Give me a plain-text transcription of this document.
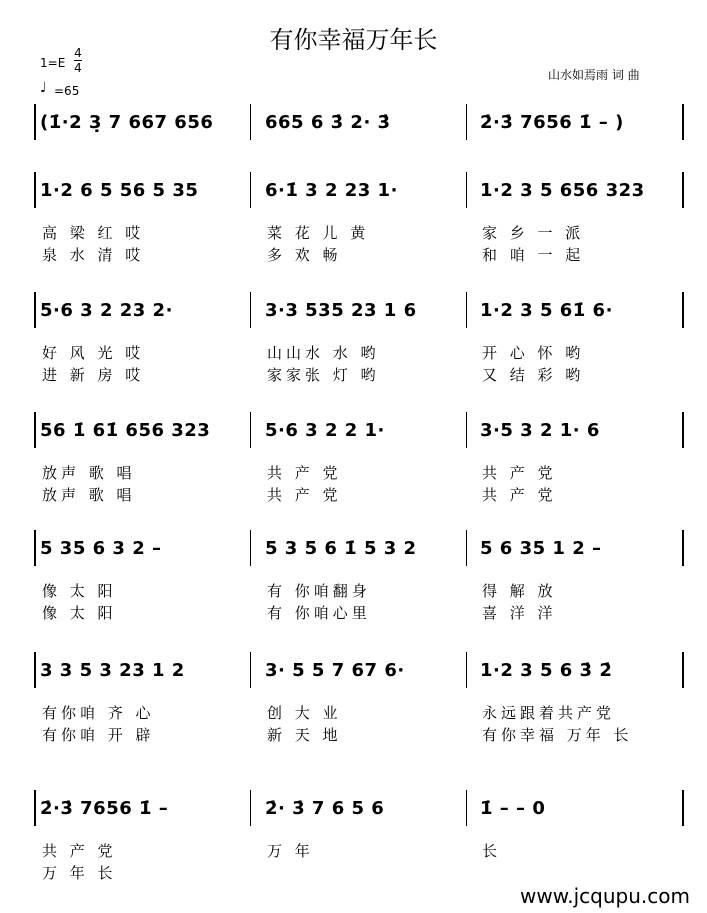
有你幸福万年长
1=E
4
4
♩ =65
山水如焉雨 词 曲
(1̇·2 3̣ 7 667 656	665 6 3̇ 2· 3̇	2̇·3̇ 7656 1̇ – )
1·2 6 5 56 5 35	6·1̇ 3 2 23 1·	1·2 3 5 656 323
高 梁 红 哎	菜 花 儿 黄	家 乡 一 派
泉 水 清 哎	多 欢 畅	和 咱 一 起
5·6 3 2 23 2·	3·3 535 23 1 6	1·2 3 5 61̇ 6·
好 风 光 哎	山山水 水 哟	开 心 怀 哟
进 新 房 哎	家家张 灯 哟	又 结 彩 哟
56 1̇ 61̇ 656 323	5·6 3 2 2 1·	3·5 3 2 1· 6
放声 歌 唱	共 产 党	共 产 党
放声 歌 唱	共 产 党	共 产 党
5 35 6 3 2 –	5 3 5 6 1̇ 5 3 2	5 6 35 1 2 –
像 太 阳	有 你咱翻身	得 解 放
像 太 阳	有 你咱心里	喜 洋 洋
3 3 5 3 23 1 2	3· 5 5 7 67 6·	1·2 3 5 6 3̇ 2̇
有你咱 齐 心	创 大 业	永远跟着共产党
有你咱 开 辟	新 天 地	有你幸福 万年 长
2̇·3̇ 7656 1̇ –	2̇· 3̇ 7 6 5 6	1̇ – – 0
共 产 党	万 年	长
万 年 长
www.jcqupu.com
